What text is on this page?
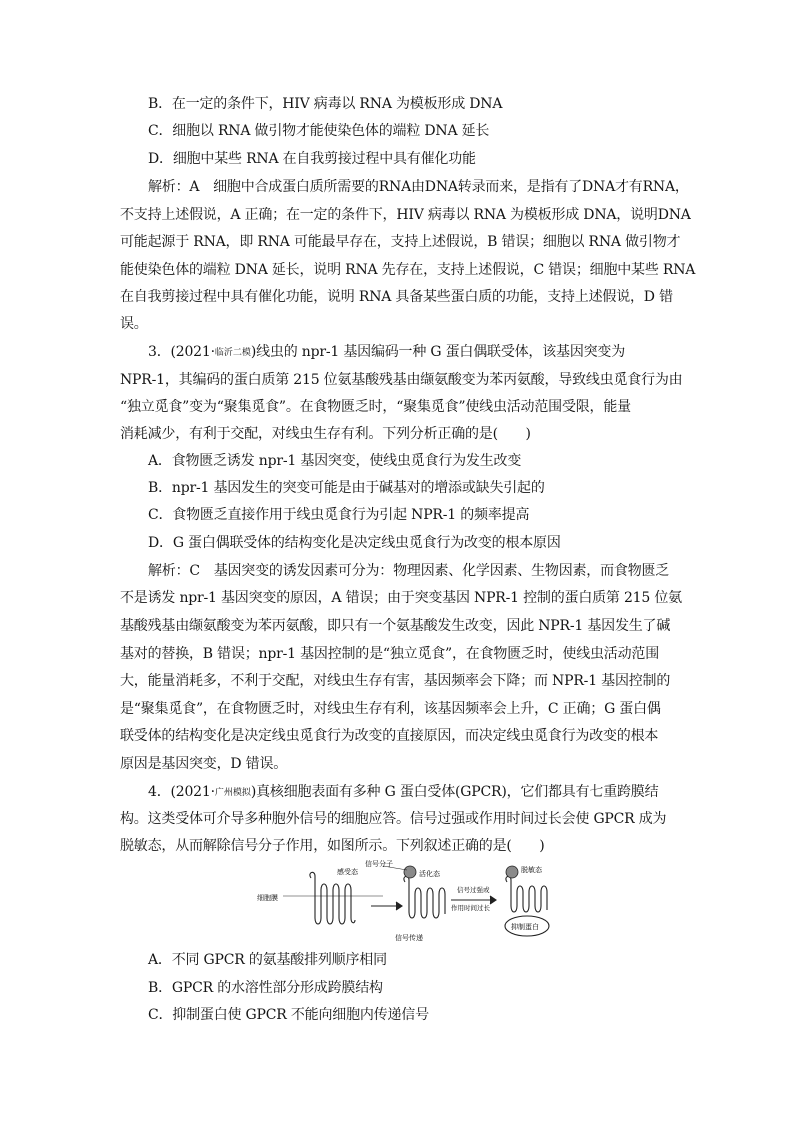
B．在一定的条件下，HIV 病毒以 RNA 为模板形成 DNA
C．细胞以 RNA 做引物才能使染色体的端粒 DNA 延长
D．细胞中某些 RNA 在自我剪接过程中具有催化功能
解析：A　细胞中合成蛋白质所需要的RNA由DNA转录而来，是指有了DNA才有RNA，
不支持上述假说，A 正确；在一定的条件下，HIV 病毒以 RNA 为模板形成 DNA，说明DNA
可能起源于 RNA，即 RNA 可能最早存在，支持上述假说，B 错误；细胞以 RNA 做引物才
能使染色体的端粒 DNA 延长，说明 RNA 先存在，支持上述假说，C 错误；细胞中某些 RNA
在自我剪接过程中具有催化功能，说明 RNA 具备某些蛋白质的功能，支持上述假说，D 错
误。
3．(2021·临沂二模)线虫的 npr-1 基因编码一种 G 蛋白偶联受体，该基因突变为
NPR-1，其编码的蛋白质第 215 位氨基酸残基由缬氨酸变为苯丙氨酸，导致线虫觅食行为由
“独立觅食”变为“聚集觅食”。在食物匮乏时，“聚集觅食”使线虫活动范围受限，能量
消耗减少，有利于交配，对线虫生存有利。下列分析正确的是(　　)
A．食物匮乏诱发 npr-1 基因突变，使线虫觅食行为发生改变
B．npr-1 基因发生的突变可能是由于碱基对的增添或缺失引起的
C．食物匮乏直接作用于线虫觅食行为引起 NPR-1 的频率提高
D．G 蛋白偶联受体的结构变化是决定线虫觅食行为改变的根本原因
解析：C　基因突变的诱发因素可分为：物理因素、化学因素、生物因素，而食物匮乏
不是诱发 npr-1 基因突变的原因，A 错误；由于突变基因 NPR-1 控制的蛋白质第 215 位氨
基酸残基由缬氨酸变为苯丙氨酸，即只有一个氨基酸发生改变，因此 NPR-1 基因发生了碱
基对的替换，B 错误；npr-1 基因控制的是“独立觅食”，在食物匮乏时，使线虫活动范围
大，能量消耗多，不利于交配，对线虫生存有害，基因频率会下降；而 NPR-1 基因控制的
是“聚集觅食”，在食物匮乏时，对线虫生存有利，该基因频率会上升，C 正确；G 蛋白偶
联受体的结构变化是决定线虫觅食行为改变的直接原因，而决定线虫觅食行为改变的根本
原因是基因突变，D 错误。
4．(2021·广州模拟)真核细胞表面有多种 G 蛋白受体(GPCR)，它们都具有七重跨膜结
构。这类受体可介导多种胞外信号的细胞应答。信号过强或作用时间过长会使 GPCR 成为
脱敏态，从而解除信号分子作用，如图所示。下列叙述正确的是(　　)
信号分子
感受态
细胞膜
活化态
信号过强或
作用时间过长
脱敏态
信号传递
抑制蛋白
A．不同 GPCR 的氨基酸排列顺序相同
B．GPCR 的水溶性部分形成跨膜结构
C．抑制蛋白使 GPCR 不能向细胞内传递信号
